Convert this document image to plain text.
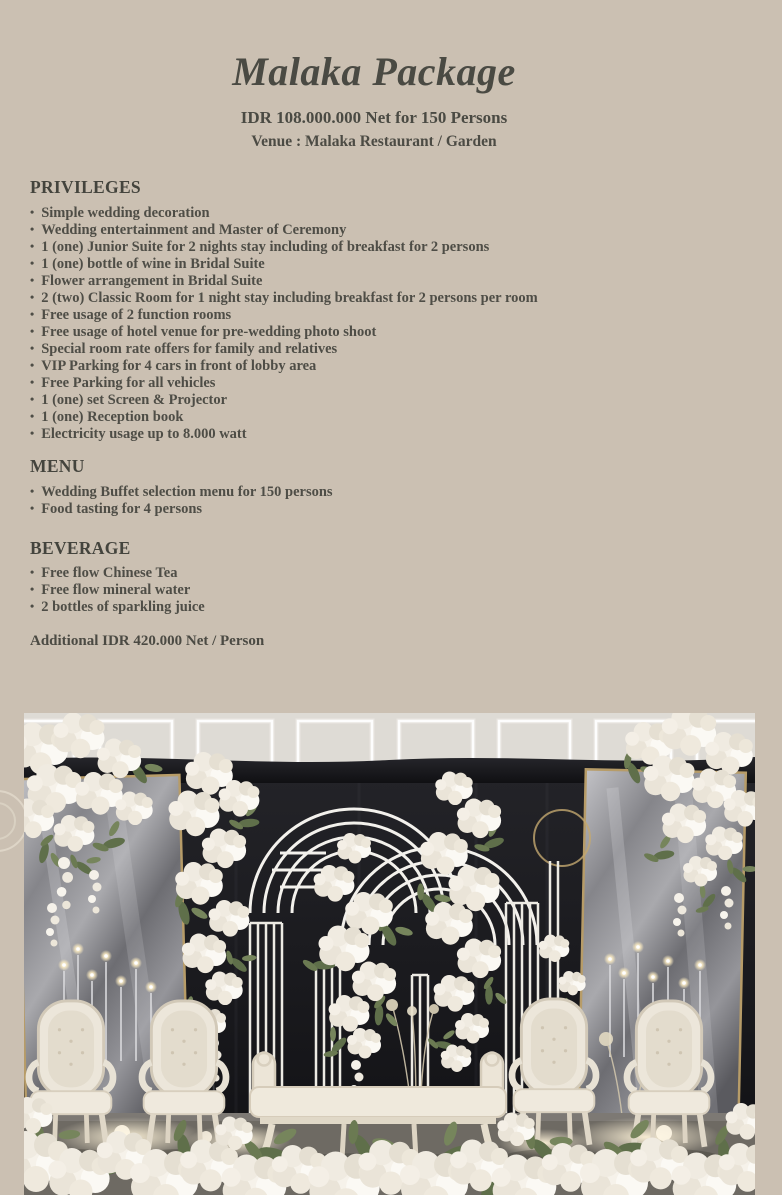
Malaka Package
IDR 108.000.000 Net for 150 Persons
Venue : Malaka Restaurant / Garden
PRIVILEGES
• Simple wedding decoration
• Wedding entertainment and Master of Ceremony
• 1 (one) Junior Suite for 2 nights stay including of breakfast for 2 persons
• 1 (one) bottle of wine in Bridal Suite
• Flower arrangement in Bridal Suite
• 2 (two) Classic Room for 1 night stay including breakfast for 2 persons per room
• Free usage of 2 function rooms
• Free usage of hotel venue for pre-wedding photo shoot
• Special room rate offers for family and relatives
• VIP Parking for 4 cars in front of lobby area
• Free Parking for all vehicles
• 1 (one) set Screen & Projector
• 1 (one) Reception book
• Electricity usage up to 8.000 watt
MENU
• Wedding Buffet selection menu for 150 persons
• Food tasting for 4 persons
BEVERAGE
• Free flow Chinese Tea
• Free flow mineral water
• 2 bottles of sparkling juice
Additional IDR 420.000 Net / Person
